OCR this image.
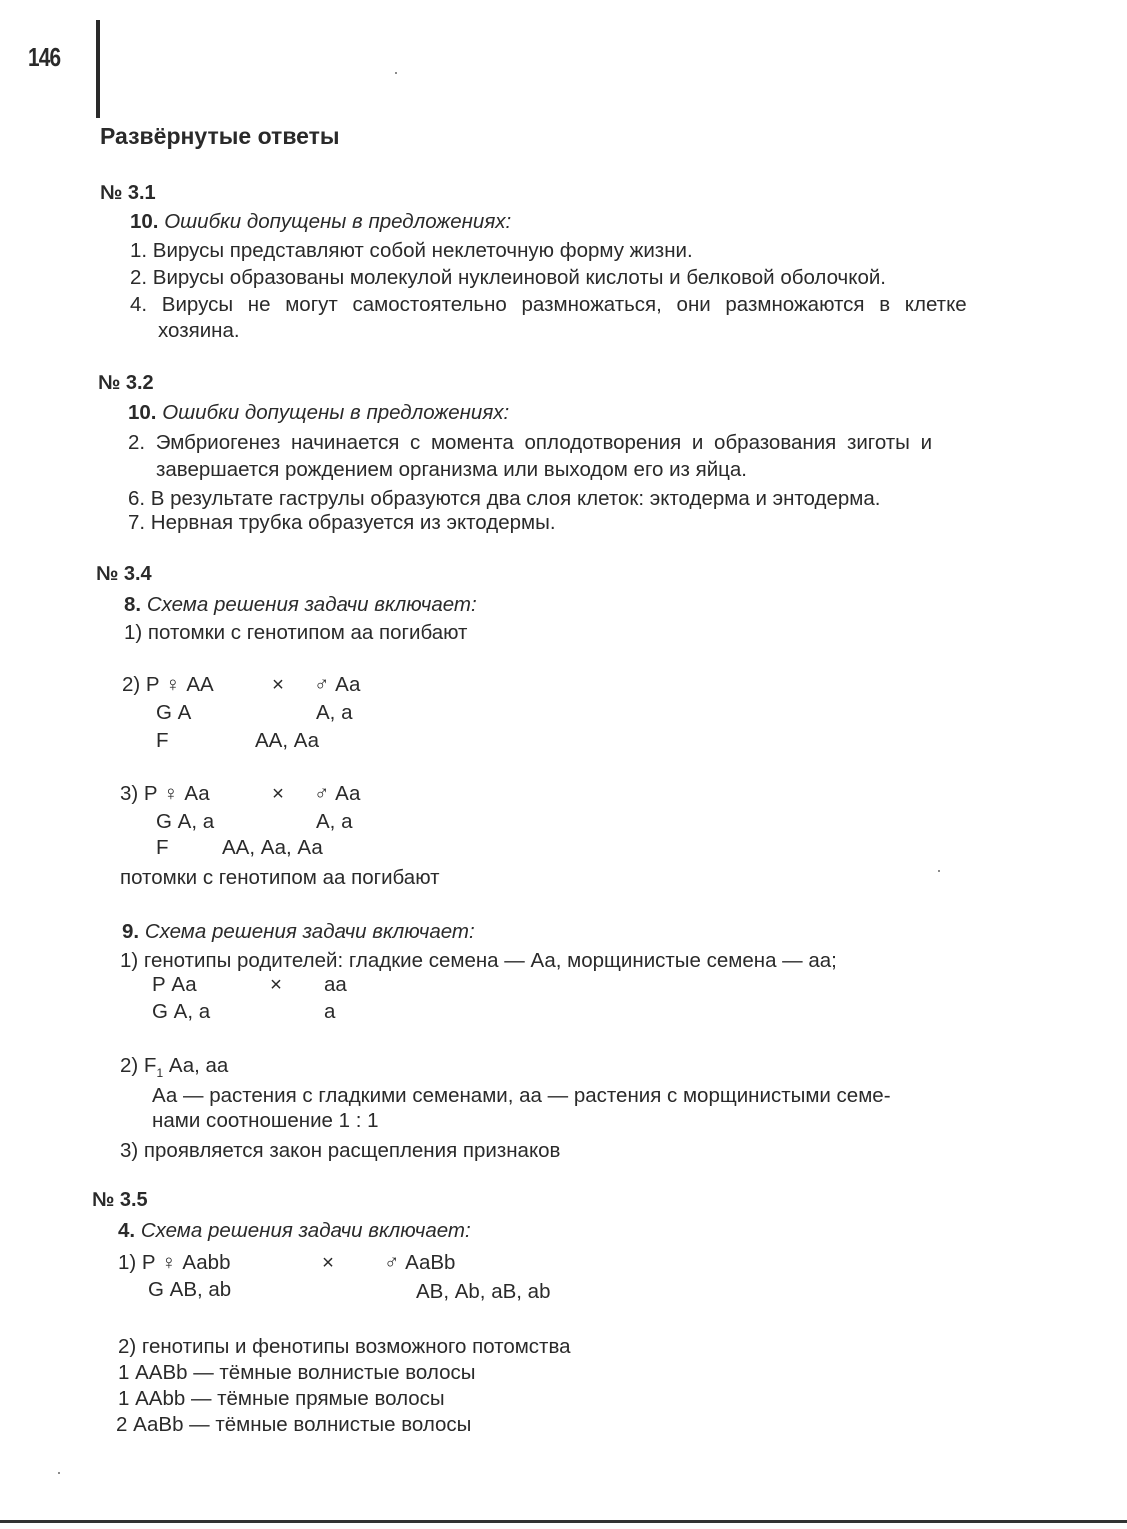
146
Развёрнутые ответы
№ 3.1
10. Ошибки допущены в предложениях:
1. Вирусы представляют собой неклеточную форму жизни.
2. Вирусы образованы молекулой нуклеиновой кислоты и белковой оболочкой.
4. Вирусы не могут самостоятельно размножаться, они размножаются в клетке
хозяина.
№ 3.2
10. Ошибки допущены в предложениях:
2. Эмбриогенез начинается с момента оплодотворения и образования зиготы и
завершается рождением организма или выходом его из яйца.
6. В результате гаструлы образуются два слоя клеток: эктодерма и энтодерма.
7. Нервная трубка образуется из эктодермы.
№ 3.4
8. Схема решения задачи включает:
1) потомки с генотипом аа погибают
2) Р ♀ АА	× ♂ Аа
G А	А, а
F	АА, Аа
3) Р ♀ Аа	× ♂ Аа
G А, а	А, а
F	АА, Аа, Аа
потомки с генотипом аа погибают
9. Схема решения задачи включает:
1) генотипы родителей: гладкие семена — Аа, морщинистые семена — аа;
Р Аа	× аа
G А, а	а
2) $F_1$ Аа, аа
Аа — растения с гладкими семенами, аа — растения с морщинистыми семе-
нами соотношение 1 : 1
3) проявляется закон расщепления признаков
№ 3.5
4. Схема решения задачи включает:
1) Р ♀ Ааbb	× ♂ АаВb
G АВ, аb	АВ, Аb, аВ, аb
2) генотипы и фенотипы возможного потомства
1 ААВb — тёмные волнистые волосы
1 ААbb — тёмные прямые волосы
2 АаВb — тёмные волнистые волосы
